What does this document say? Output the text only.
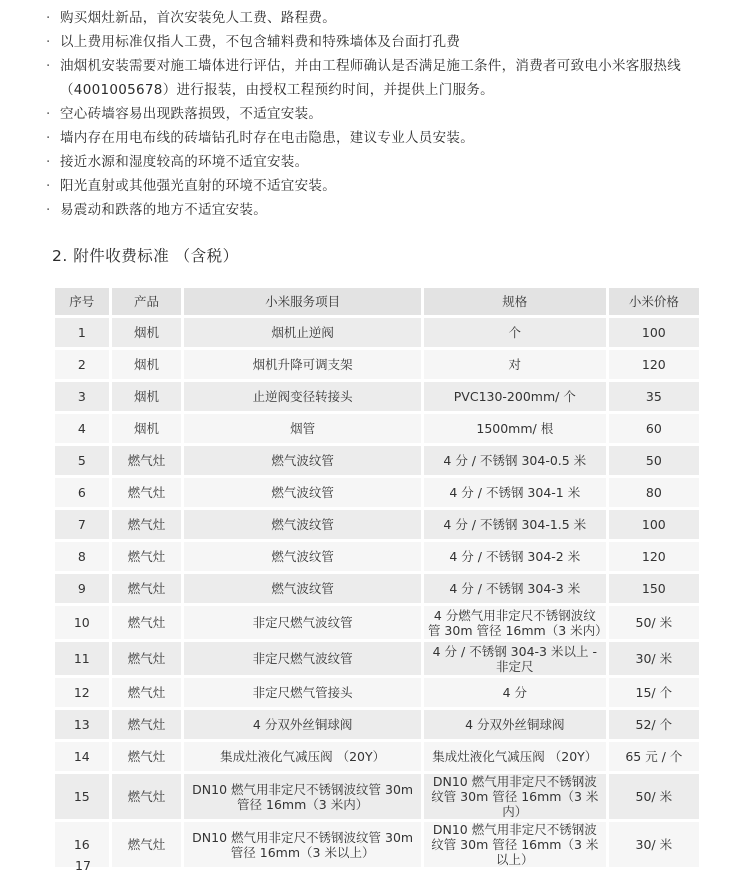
· 购买烟灶新品，首次安装免人工费、路程费。
· 以上费用标准仅指人工费，不包含辅料费和特殊墙体及台面打孔费
· 油烟机安装需要对施工墙体进行评估，并由工程师确认是否满足施工条件，消费者可致电小米客服热线（4001005678）进行报装，由授权工程预约时间，并提供上门服务。
· 空心砖墙容易出现跌落损毁，不适宜安装。
· 墙内存在用电布线的砖墙钻孔时存在电击隐患，建议专业人员安装。
· 接近水源和湿度较高的环境不适宜安装。
· 阳光直射或其他强光直射的环境不适宜安装。
· 易震动和跌落的地方不适宜安装。
2. 附件收费标准 （含税）
序号	产品	小米服务项目	规格	小米价格
1	烟机	烟机止逆阀	个	100
2	烟机	烟机升降可调支架	对	120
3	烟机	止逆阀变径转接头	PVC130-200mm/ 个	35
4	烟机	烟管	1500mm/ 根	60
5	燃气灶	燃气波纹管	4 分 / 不锈钢 304-0.5 米	50
6	燃气灶	燃气波纹管	4 分 / 不锈钢 304-1 米	80
7	燃气灶	燃气波纹管	4 分 / 不锈钢 304-1.5 米	100
8	燃气灶	燃气波纹管	4 分 / 不锈钢 304-2 米	120
9	燃气灶	燃气波纹管	4 分 / 不锈钢 304-3 米	150
10	燃气灶	非定尺燃气波纹管	4 分燃气用非定尺不锈钢波纹管 30m 管径 16mm（3 米内）	50/ 米
11	燃气灶	非定尺燃气波纹管	4 分 / 不锈钢 304-3 米以上 - 非定尺	30/ 米
12	燃气灶	非定尺燃气管接头	4 分	15/ 个
13	燃气灶	4 分双外丝铜球阀	4 分双外丝铜球阀	52/ 个
14	燃气灶	集成灶液化气减压阀 （20Y）	集成灶液化气减压阀 （20Y）	65 元 / 个
15	燃气灶	DN10 燃气用非定尺不锈钢波纹管 30m 管径 16mm（3 米内）	DN10 燃气用非定尺不锈钢波纹管 30m 管径 16mm（3 米内）	50/ 米
16	燃气灶	DN10 燃气用非定尺不锈钢波纹管 30m 管径 16mm（3 米以上）	DN10 燃气用非定尺不锈钢波纹管 30m 管径 16mm（3 米以上）	30/ 米
17
